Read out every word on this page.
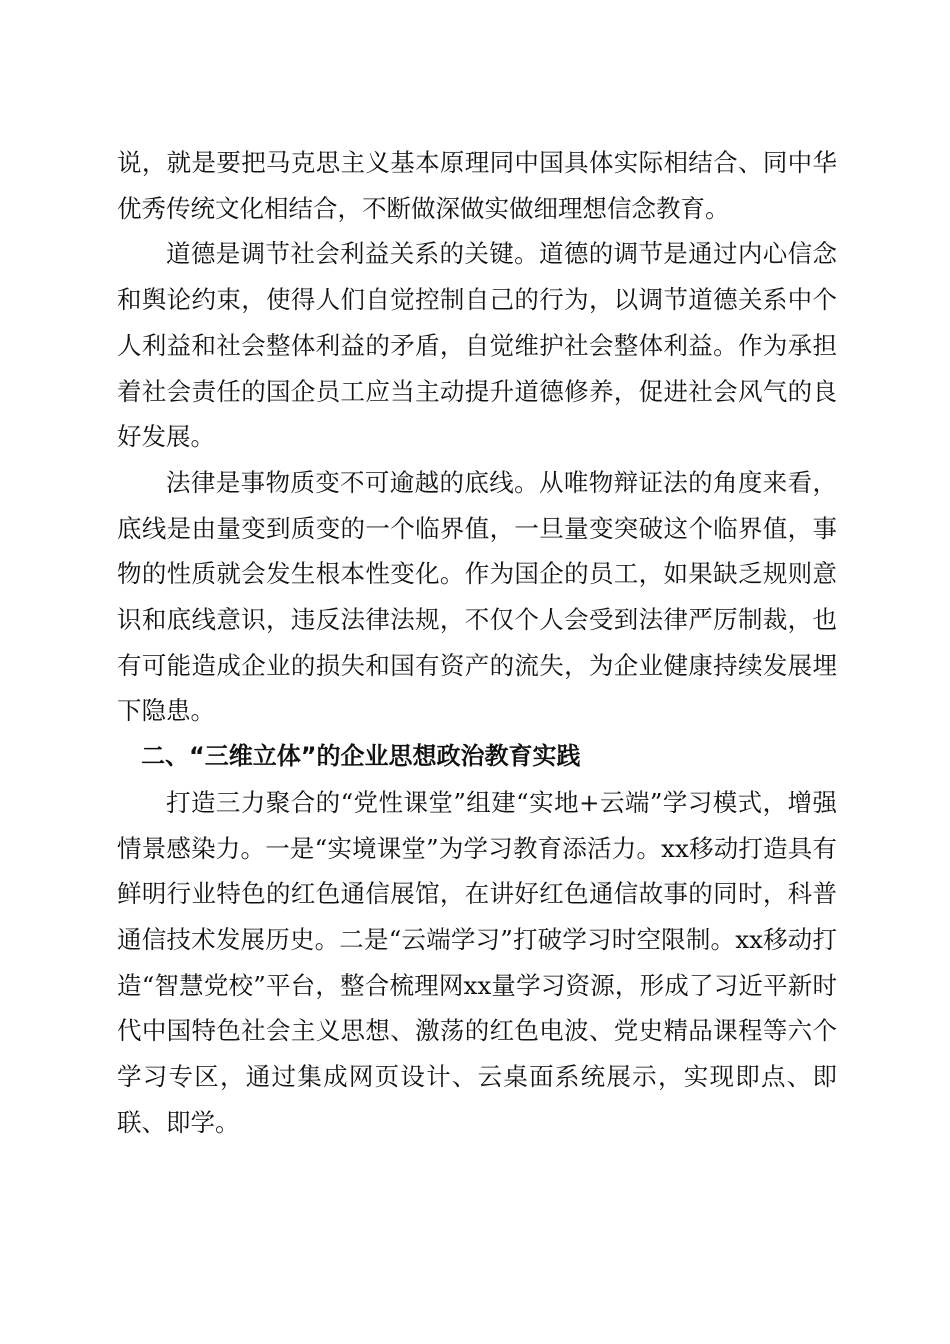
说，就是要把马克思主义基本原理同中国具体实际相结合、同中华优秀传统文化相结合，不断做深做实做细理想信念教育。

道德是调节社会利益关系的关键。道德的调节是通过内心信念和舆论约束，使得人们自觉控制自己的行为，以调节道德关系中个人利益和社会整体利益的矛盾，自觉维护社会整体利益。作为承担着社会责任的国企员工应当主动提升道德修养，促进社会风气的良好发展。

法律是事物质变不可逾越的底线。从唯物辩证法的角度来看，底线是由量变到质变的一个临界值，一旦量变突破这个临界值，事物的性质就会发生根本性变化。作为国企的员工，如果缺乏规则意识和底线意识，违反法律法规，不仅个人会受到法律严厉制裁，也有可能造成企业的损失和国有资产的流失，为企业健康持续发展埋下隐患。

二、“三维立体”的企业思想政治教育实践

打造三力聚合的“党性课堂”组建“实地+云端”学习模式，增强情景感染力。一是“实境课堂”为学习教育添活力。xx移动打造具有鲜明行业特色的红色通信展馆，在讲好红色通信故事的同时，科普通信技术发展历史。二是“云端学习”打破学习时空限制。xx移动打造“智慧党校”平台，整合梳理网xx量学习资源，形成了习近平新时代中国特色社会主义思想、激荡的红色电波、党史精品课程等六个学习专区，通过集成网页设计、云桌面系统展示，实现即点、即联、即学。
